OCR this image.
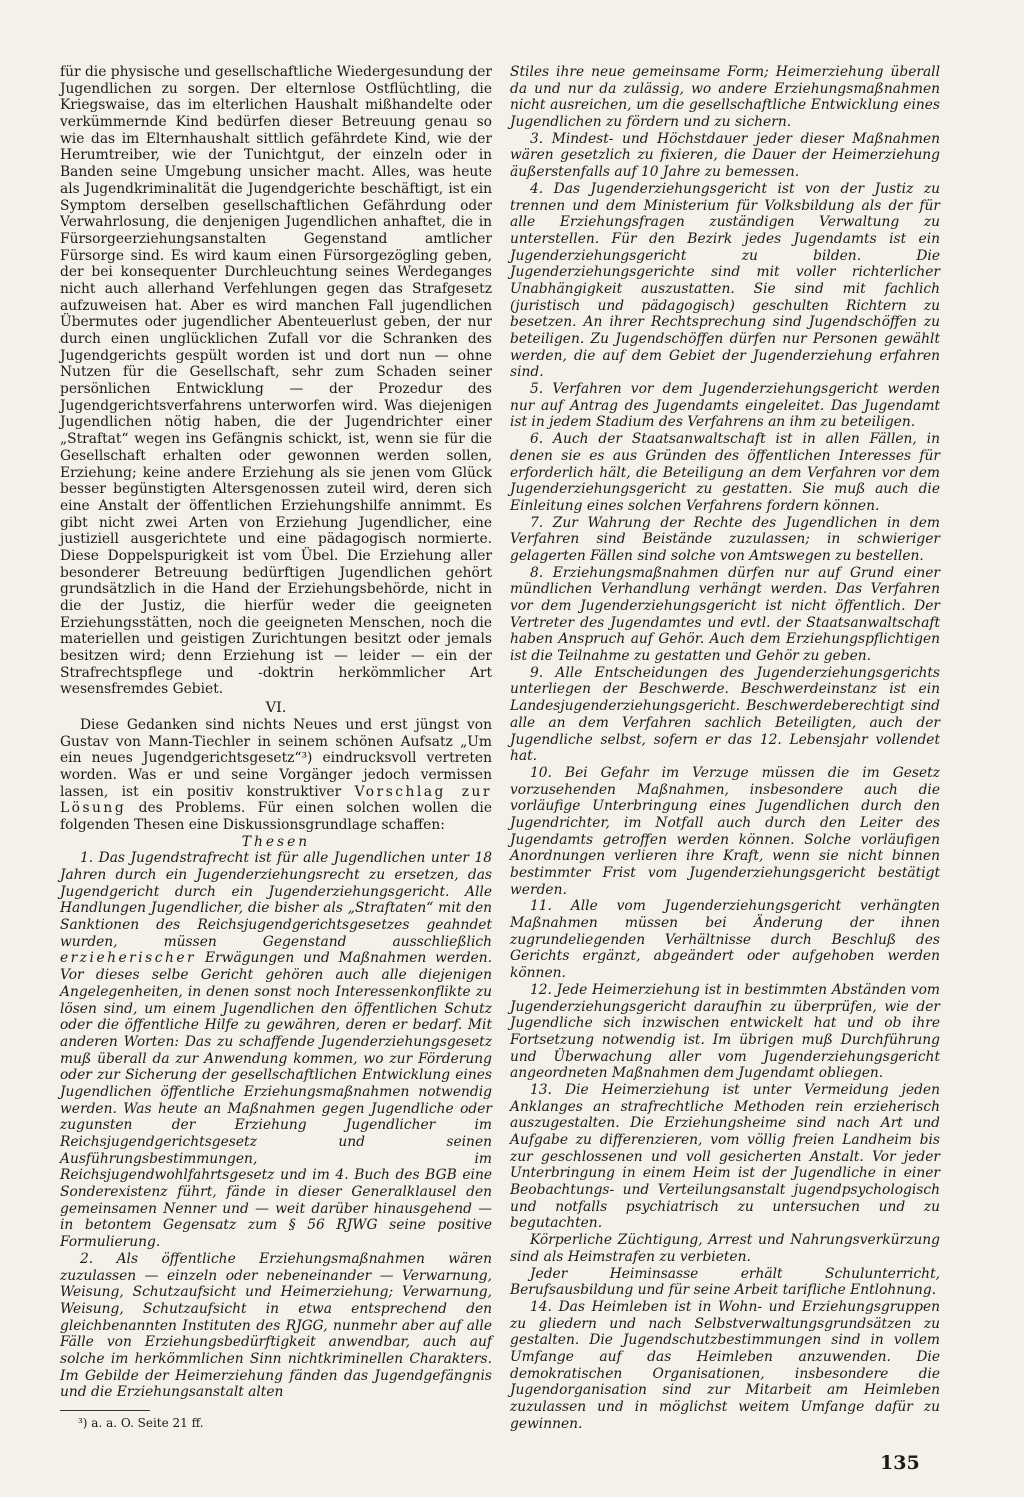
für die physische und gesellschaftliche Wiedergesundung der Jugendlichen zu sorgen. Der elternlose Ostflüchtling, die Kriegswaise, das im elterlichen Haushalt mißhandelte oder verkümmernde Kind bedürfen dieser Betreuung genau so wie das im Elternhaushalt sittlich gefährdete Kind, wie der Herumtreiber, wie der Tunichtgut, der einzeln oder in Banden seine Umgebung unsicher macht. Alles, was heute als Jugendkriminalität die Jugendgerichte beschäftigt, ist ein Symptom derselben gesellschaftlichen Gefährdung oder Verwahrlosung, die denjenigen Jugendlichen anhaftet, die in Fürsorgeerziehungsanstalten Gegenstand amtlicher Fürsorge sind. Es wird kaum einen Fürsorgezögling geben, der bei konsequenter Durchleuchtung seines Werdeganges nicht auch allerhand Verfehlungen gegen das Strafgesetz aufzuweisen hat. Aber es wird manchen Fall jugendlichen Übermutes oder jugendlicher Abenteuerlust geben, der nur durch einen unglücklichen Zufall vor die Schranken des Jugendgerichts gespült worden ist und dort nun — ohne Nutzen für die Gesellschaft, sehr zum Schaden seiner persönlichen Entwicklung — der Prozedur des Jugendgerichtsverfahrens unterworfen wird. Was diejenigen Jugendlichen nötig haben, die der Jugendrichter einer „Straftat“ wegen ins Gefängnis schickt, ist, wenn sie für die Gesellschaft erhalten oder gewonnen werden sollen, Erziehung; keine andere Erziehung als sie jenen vom Glück besser begünstigten Altersgenossen zuteil wird, deren sich eine Anstalt der öffentlichen Erziehungshilfe annimmt. Es gibt nicht zwei Arten von Erziehung Jugendlicher, eine justiziell ausgerichtete und eine pädagogisch normierte. Diese Doppelspurigkeit ist vom Übel. Die Erziehung aller besonderer Betreuung bedürftigen Jugendlichen gehört grundsätzlich in die Hand der Erziehungsbehörde, nicht in die der Justiz, die hierfür weder die geeigneten Erziehungsstätten, noch die geeigneten Menschen, noch die materiellen und geistigen Zurichtungen besitzt oder jemals besitzen wird; denn Erziehung ist — leider — ein der Strafrechtspflege und -doktrin herkömmlicher Art wesensfremdes Gebiet.

VI.

Diese Gedanken sind nichts Neues und erst jüngst von Gustav von Mann-Tiechler in seinem schönen Aufsatz „Um ein neues Jugendgerichtsgesetz“³) eindrucksvoll vertreten worden. Was er und seine Vorgänger jedoch vermissen lassen, ist ein positiv konstruktiver Vorschlag zur Lösung des Problems. Für einen solchen wollen die folgenden Thesen eine Diskussionsgrundlage schaffen:

Thesen

1. Das Jugendstrafrecht ist für alle Jugendlichen unter 18 Jahren durch ein Jugenderziehungsrecht zu ersetzen, das Jugendgericht durch ein Jugenderziehungsgericht. Alle Handlungen Jugendlicher, die bisher als „Straftaten“ mit den Sanktionen des Reichsjugendgerichtsgesetzes geahndet wurden, müssen Gegenstand ausschließlich erzieherischer Erwägungen und Maßnahmen werden. Vor dieses selbe Gericht gehören auch alle diejenigen Angelegenheiten, in denen sonst noch Interessenkonflikte zu lösen sind, um einem Jugendlichen den öffentlichen Schutz oder die öffentliche Hilfe zu gewähren, deren er bedarf. Mit anderen Worten: Das zu schaffende Jugenderziehungsgesetz muß überall da zur Anwendung kommen, wo zur Förderung oder zur Sicherung der gesellschaftlichen Entwicklung eines Jugendlichen öffentliche Erziehungsmaßnahmen notwendig werden. Was heute an Maßnahmen gegen Jugendliche oder zugunsten der Erziehung Jugendlicher im Reichsjugendgerichtsgesetz und seinen Ausführungsbestimmungen, im Reichsjugendwohlfahrtsgesetz und im 4. Buch des BGB eine Sonderexistenz führt, fände in dieser Generalklausel den gemeinsamen Nenner und — weit darüber hinausgehend — in betontem Gegensatz zum § 56 RJWG seine positive Formulierung.

2. Als öffentliche Erziehungsmaßnahmen wären zuzulassen — einzeln oder nebeneinander — Verwarnung, Weisung, Schutzaufsicht und Heimerziehung; Verwarnung, Weisung, Schutzaufsicht in etwa entsprechend den gleichbenannten Instituten des RJGG, nunmehr aber auf alle Fälle von Erziehungsbedürftigkeit anwendbar, auch auf solche im herkömmlichen Sinn nichtkriminellen Charakters. Im Gebilde der Heimerziehung fänden das Jugendgefängnis und die Erziehungsanstalt alten

Stiles ihre neue gemeinsame Form; Heimerziehung überall da und nur da zulässig, wo andere Erziehungsmaßnahmen nicht ausreichen, um die gesellschaftliche Entwicklung eines Jugendlichen zu fördern und zu sichern.

3. Mindest- und Höchstdauer jeder dieser Maßnahmen wären gesetzlich zu fixieren, die Dauer der Heimerziehung äußerstenfalls auf 10 Jahre zu bemessen.

4. Das Jugenderziehungsgericht ist von der Justiz zu trennen und dem Ministerium für Volksbildung als der für alle Erziehungsfragen zuständigen Verwaltung zu unterstellen. Für den Bezirk jedes Jugendamts ist ein Jugenderziehungsgericht zu bilden. Die Jugenderziehungsgerichte sind mit voller richterlicher Unabhängigkeit auszustatten. Sie sind mit fachlich (juristisch und pädagogisch) geschulten Richtern zu besetzen. An ihrer Rechtsprechung sind Jugendschöffen zu beteiligen. Zu Jugendschöffen dürfen nur Personen gewählt werden, die auf dem Gebiet der Jugenderziehung erfahren sind.

5. Verfahren vor dem Jugenderziehungsgericht werden nur auf Antrag des Jugendamts eingeleitet. Das Jugendamt ist in jedem Stadium des Verfahrens an ihm zu beteiligen.

6. Auch der Staatsanwaltschaft ist in allen Fällen, in denen sie es aus Gründen des öffentlichen Interesses für erforderlich hält, die Beteiligung an dem Verfahren vor dem Jugenderziehungsgericht zu gestatten. Sie muß auch die Einleitung eines solchen Verfahrens fordern können.

7. Zur Wahrung der Rechte des Jugendlichen in dem Verfahren sind Beistände zuzulassen; in schwieriger gelagerten Fällen sind solche von Amtswegen zu bestellen.

8. Erziehungsmaßnahmen dürfen nur auf Grund einer mündlichen Verhandlung verhängt werden. Das Verfahren vor dem Jugenderziehungsgericht ist nicht öffentlich. Der Vertreter des Jugendamtes und evtl. der Staatsanwaltschaft haben Anspruch auf Gehör. Auch dem Erziehungspflichtigen ist die Teilnahme zu gestatten und Gehör zu geben.

9. Alle Entscheidungen des Jugenderziehungsgerichts unterliegen der Beschwerde. Beschwerdeinstanz ist ein Landesjugenderziehungsgericht. Beschwerdeberechtigt sind alle an dem Verfahren sachlich Beteiligten, auch der Jugendliche selbst, sofern er das 12. Lebensjahr vollendet hat.

10. Bei Gefahr im Verzuge müssen die im Gesetz vorzusehenden Maßnahmen, insbesondere auch die vorläufige Unterbringung eines Jugendlichen durch den Jugendrichter, im Notfall auch durch den Leiter des Jugendamts getroffen werden können. Solche vorläufigen Anordnungen verlieren ihre Kraft, wenn sie nicht binnen bestimmter Frist vom Jugenderziehungsgericht bestätigt werden.

11. Alle vom Jugenderziehungsgericht verhängten Maßnahmen müssen bei Änderung der ihnen zugrundeliegenden Verhältnisse durch Beschluß des Gerichts ergänzt, abgeändert oder aufgehoben werden können.

12. Jede Heimerziehung ist in bestimmten Abständen vom Jugenderziehungsgericht daraufhin zu überprüfen, wie der Jugendliche sich inzwischen entwickelt hat und ob ihre Fortsetzung notwendig ist. Im übrigen muß Durchführung und Überwachung aller vom Jugenderziehungsgericht angeordneten Maßnahmen dem Jugendamt obliegen.

13. Die Heimerziehung ist unter Vermeidung jeden Anklanges an strafrechtliche Methoden rein erzieherisch auszugestalten. Die Erziehungsheime sind nach Art und Aufgabe zu differenzieren, vom völlig freien Landheim bis zur geschlossenen und voll gesicherten Anstalt. Vor jeder Unterbringung in einem Heim ist der Jugendliche in einer Beobachtungs- und Verteilungsanstalt jugendpsychologisch und notfalls psychiatrisch zu untersuchen und zu begutachten.

Körperliche Züchtigung, Arrest und Nahrungsverkürzung sind als Heimstrafen zu verbieten.

Jeder Heiminsasse erhält Schulunterricht, Berufsausbildung und für seine Arbeit tarifliche Entlohnung.

14. Das Heimleben ist in Wohn- und Erziehungsgruppen zu gliedern und nach Selbstverwaltungsgrundsätzen zu gestalten. Die Jugendschutzbestimmungen sind in vollem Umfange auf das Heimleben anzuwenden. Die demokratischen Organisationen, insbesondere die Jugendorganisation sind zur Mitarbeit am Heimleben zuzulassen und in möglichst weitem Umfange dafür zu gewinnen.

³) a. a. O. Seite 21 ff.
135
